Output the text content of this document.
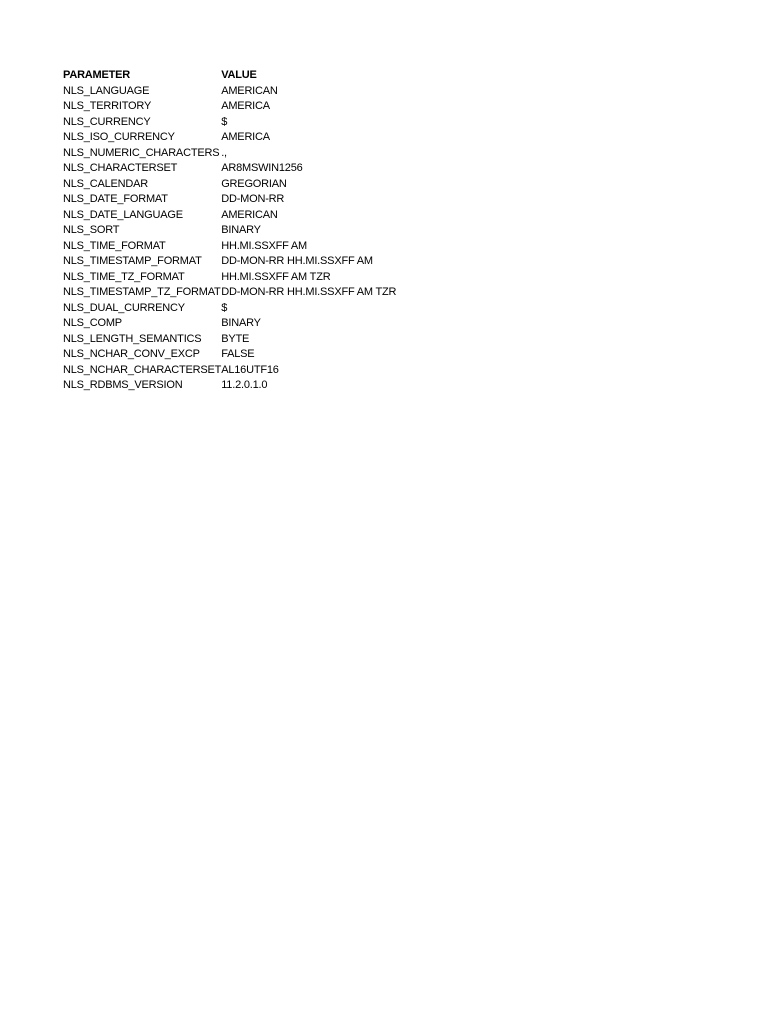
PARAMETER	VALUE
NLS_LANGUAGE	AMERICAN
NLS_TERRITORY	AMERICA
NLS_CURRENCY	$
NLS_ISO_CURRENCY	AMERICA
NLS_NUMERIC_CHARACTERS	.,
NLS_CHARACTERSET	AR8MSWIN1256
NLS_CALENDAR	GREGORIAN
NLS_DATE_FORMAT	DD-MON-RR
NLS_DATE_LANGUAGE	AMERICAN
NLS_SORT	BINARY
NLS_TIME_FORMAT	HH.MI.SSXFF AM
NLS_TIMESTAMP_FORMAT	DD-MON-RR HH.MI.SSXFF AM
NLS_TIME_TZ_FORMAT	HH.MI.SSXFF AM TZR
NLS_TIMESTAMP_TZ_FORMAT	DD-MON-RR HH.MI.SSXFF AM TZR
NLS_DUAL_CURRENCY	$
NLS_COMP	BINARY
NLS_LENGTH_SEMANTICS	BYTE
NLS_NCHAR_CONV_EXCP	FALSE
NLS_NCHAR_CHARACTERSET	AL16UTF16
NLS_RDBMS_VERSION	11.2.0.1.0
